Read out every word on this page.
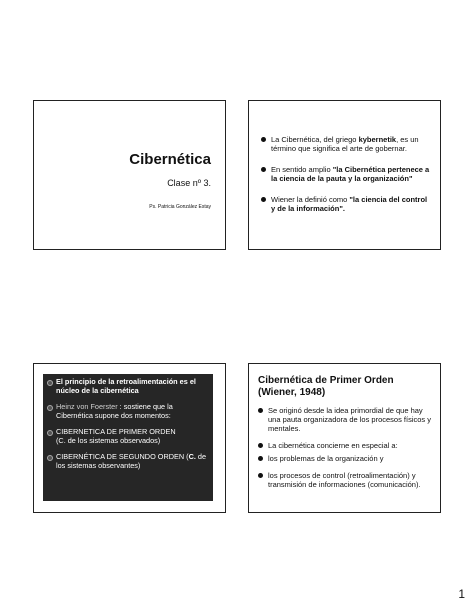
Cibernética
Clase nº 3.
Ps. Patricia González Estay
La Cibernética, del griego kybernetik, es un término que significa el arte de gobernar.
En sentido amplio "la Cibernética pertenece a la ciencia de la pauta y la organización"
Wiener la definió como "la ciencia del control y de la información".
El principio de la retroalimentación es el núcleo de la cibernética
Heinz von Foerster : sostiene que la Cibernética supone dos momentos:
CIBERNETICA DE PRIMER ORDEN
(C. de los sistemas observados)
CIBERNÉTICA DE SEGUNDO ORDEN (C. de los sistemas observantes)
Cibernética de Primer Orden (Wiener, 1948)
Se originó desde la idea primordial de que hay una pauta organizadora de los procesos físicos y mentales.
La cibernética concierne en especial a:
los problemas de la organización y
los procesos de control (retroalimentación) y transmisión de informaciones (comunicación).
1
